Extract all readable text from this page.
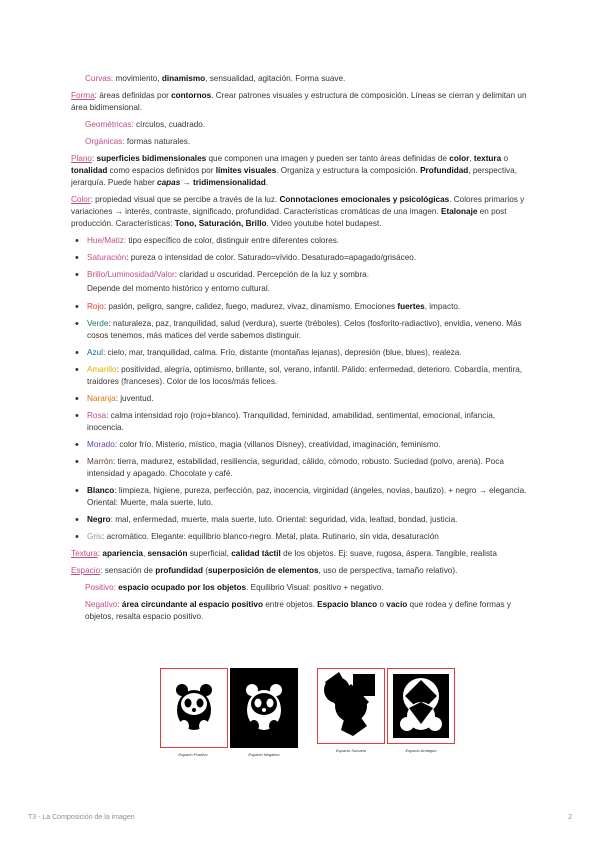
Curvas: movimiento, dinamismo, sensualidad, agitación. Forma suave.

Forma: áreas definidas por contornos. Crear patrones visuales y estructura de composición. Líneas se cierran y delimitan un área bidimensional.

Geométricas: círculos, cuadrado.

Orgánicas: formas naturales.

Plano: superficies bidimensionales que componen una imagen y pueden ser tanto áreas definidas de color, textura o tonalidad como espacios definidos por límites visuales. Organiza y estructura la composición. Profundidad, perspectiva, jerarquía. Puede haber capas → tridimensionalidad.

Color: propiedad visual que se percibe a través de la luz. Connotaciones emocionales y psicológicas. Colores primarios y variaciones → interés, contraste, significado, profundidad. Características cromáticas de una imagen. Etalonaje en post producción. Características: Tono, Saturación, Brillo. Video youtube hotel budapest.

• Hue/Matiz: tipo específico de color, distinguir entre diferentes colores.
• Saturación: pureza o intensidad de color. Saturado=vívido. Desaturado=apagado/grisáceo.
• Brillo/Luminosidad/Valor: claridad u oscuridad. Percepción de la luz y sombra.
Depende del momento histórico y entorno cultural.
• Rojo: pasión, peligro, sangre, calidez, fuego, madurez, vivaz, dinamismo. Emociones fuertes, impacto.
• Verde: naturaleza, paz, tranquilidad, salud (verdura), suerte (tréboles). Celos (fosforito-radiactivo), envidia, veneno. Más cosos tenemos, más matices del verde sabemos distinguir.
• Azul: cielo, mar, tranquilidad, calma. Frío, distante (montañas lejanas), depresión (blue, blues), realeza.
• Amarillo: positividad, alegría, optimismo, brillante, sol, verano, infantil. Pálido: enfermedad, deterioro. Cobardía, mentira, traidores (franceses). Color de los locos/más felices.
• Naranja: juventud.
• Rosa: calma intensidad rojo (rojo+blanco). Tranquilidad, feminidad, amabilidad, sentimental, emocional, infancia, inocencia.
• Morado: color frío. Misterio, místico, magia (villanos Disney), creatividad, imaginación, feminismo.
• Marrón: tierra, madurez, estabilidad, resiliencia, seguridad, cálido, cómodo, robusto. Suciedad (polvo, arena). Poca intensidad y apagado. Chocolate y café.
• Blanco: limpieza, higiene, pureza, perfección, paz, inocencia, virginidad (ángeles, novias, bautizo). + negro → elegancia. Oriental: Muerte, mala suerte, luto.
• Negro: mal, enfermedad, muerte, mala suerte, luto. Oriental: seguridad, vida, lealtad, bondad, justicia.
• Gris: acromático. Elegante: equilibrio blanco-negro. Metal, plata. Rutinario, sin vida, desaturación

Textura: apariencia, sensación superficial, calidad táctil de los objetos. Ej: suave, rugosa, áspera. Tangible, realista

Espacio: sensación de profundidad (superposición de elementos, uso de perspectiva, tamaño relativo).

Positivo: espacio ocupado por los objetos. Equilibrio Visual: positivo + negativo.

Negativo: área circundante al espacio positivo entre objetos. Espacio blanco o vacío que rodea y define formas y objetos, resalta espacio positivo.

Espacio Positivo	Espacio Negativo
Espacio Sumario	Espacio Ambiguo
T3 - La Composición de la imagen	2
